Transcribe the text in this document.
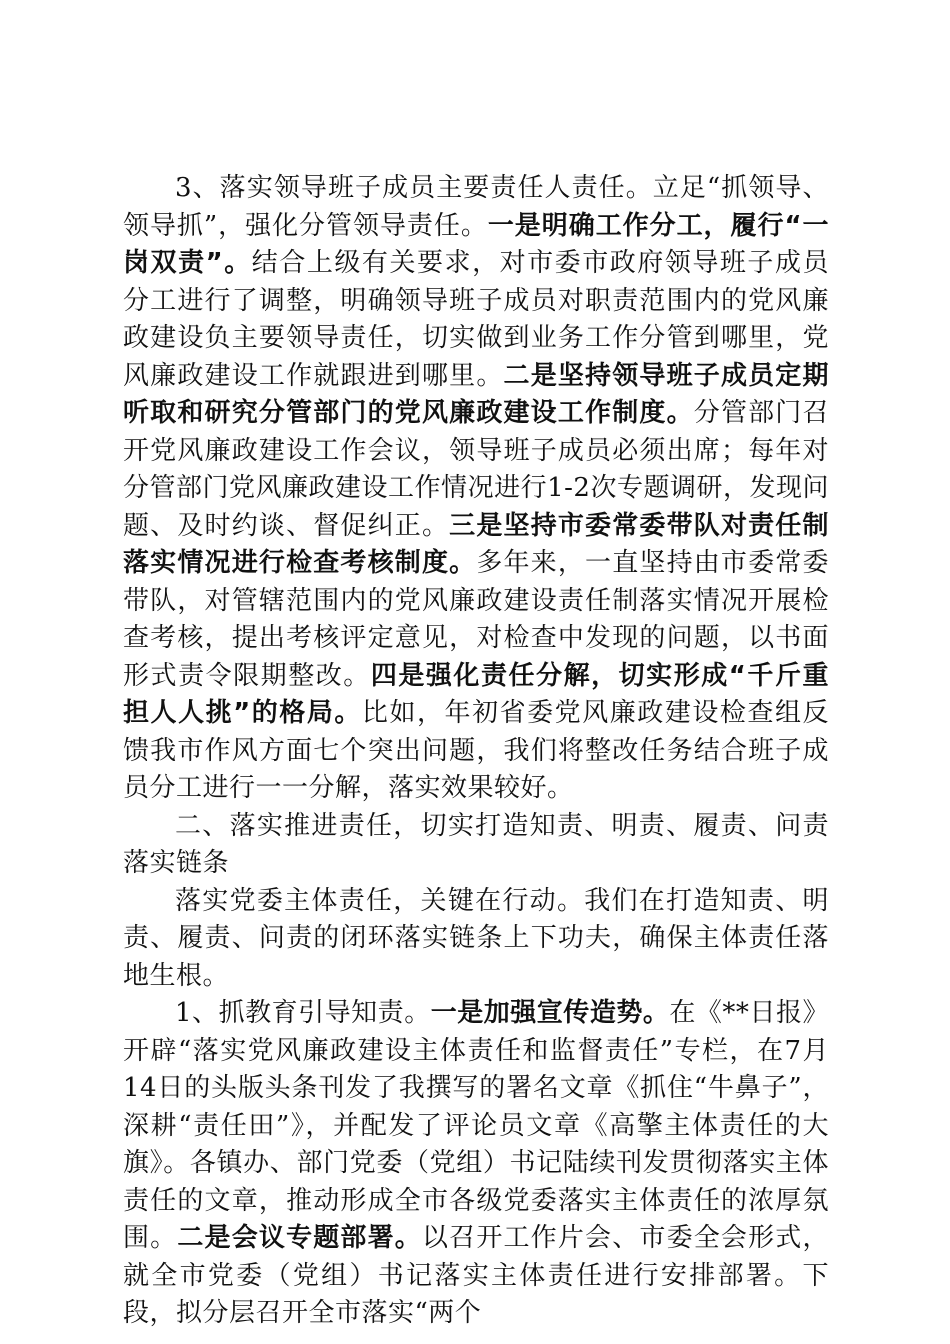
3、落实领导班子成员主要责任人责任。立足“抓领导、领导抓”，强化分管领导责任。一是明确工作分工，履行“一岗双责”。结合上级有关要求，对市委市政府领导班子成员分工进行了调整，明确领导班子成员对职责范围内的党风廉政建设负主要领导责任，切实做到业务工作分管到哪里，党风廉政建设工作就跟进到哪里。二是坚持领导班子成员定期听取和研究分管部门的党风廉政建设工作制度。分管部门召开党风廉政建设工作会议，领导班子成员必须出席；每年对分管部门党风廉政建设工作情况进行1-2次专题调研，发现问题、及时约谈、督促纠正。三是坚持市委常委带队对责任制落实情况进行检查考核制度。多年来，一直坚持由市委常委带队，对管辖范围内的党风廉政建设责任制落实情况开展检查考核，提出考核评定意见，对检查中发现的问题，以书面形式责令限期整改。四是强化责任分解，切实形成“千斤重担人人挑”的格局。比如，年初省委党风廉政建设检查组反馈我市作风方面七个突出问题，我们将整改任务结合班子成员分工进行一一分解，落实效果较好。

二、落实推进责任，切实打造知责、明责、履责、问责落实链条

落实党委主体责任，关键在行动。我们在打造知责、明责、履责、问责的闭环落实链条上下功夫，确保主体责任落地生根。

1、抓教育引导知责。一是加强宣传造势。在《**日报》开辟“落实党风廉政建设主体责任和监督责任”专栏，在7月14日的头版头条刊发了我撰写的署名文章《抓住“牛鼻子”，深耕“责任田”》，并配发了评论员文章《高擎主体责任的大旗》。各镇办、部门党委（党组）书记陆续刊发贯彻落实主体责任的文章，推动形成全市各级党委落实主体责任的浓厚氛围。二是会议专题部署。以召开工作片会、市委全会形式，就全市党委（党组）书记落实主体责任进行安排部署。下段，拟分层召开全市落实“两个
